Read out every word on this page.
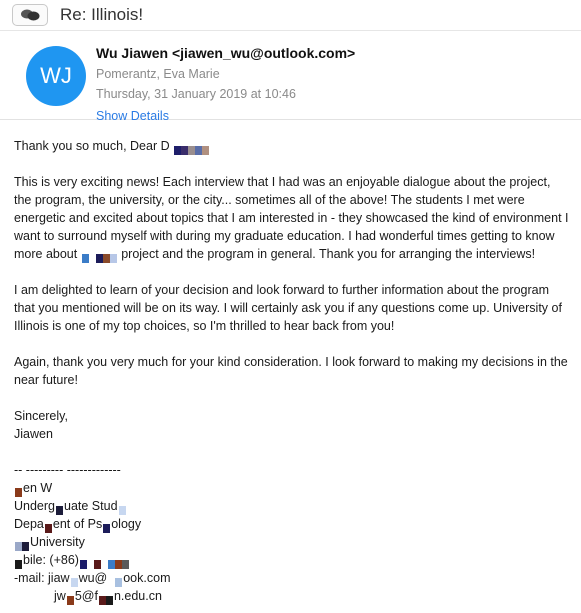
Re: Illinois!
WJ
Wu Jiawen <jiawen_wu@outlook.com>
Pomerantz, Eva Marie
Thursday, 31 January 2019 at 10:46
Show Details

Thank you so much, Dear D

This is very exciting news! Each interview that I had was an enjoyable dialogue about the project, the program, the university, or the city... sometimes all of the above! The students I met were energetic and excited about topics that I am interested in - they showcased the kind of environment I want to surround myself with during my graduate education. I had wonderful times getting to know more about	project and the program in general. Thank you for arranging the interviews!

I am delighted to learn of your decision and look forward to further information about the program that you mentioned will be on its way. I will certainly ask you if any questions come up. University of Illinois is one of my top choices, so I'm thrilled to hear back from you!

Again, thank you very much for your kind consideration. I look forward to making my decisions in the near future!

Sincerely,
Jiawen
-- --------- -------------
en W
Underg uate Stud
Depa ent of Ps ology
University
bile: (+86)
-mail: jiaw wu@ ook.com
jw 5@f n.edu.cn
